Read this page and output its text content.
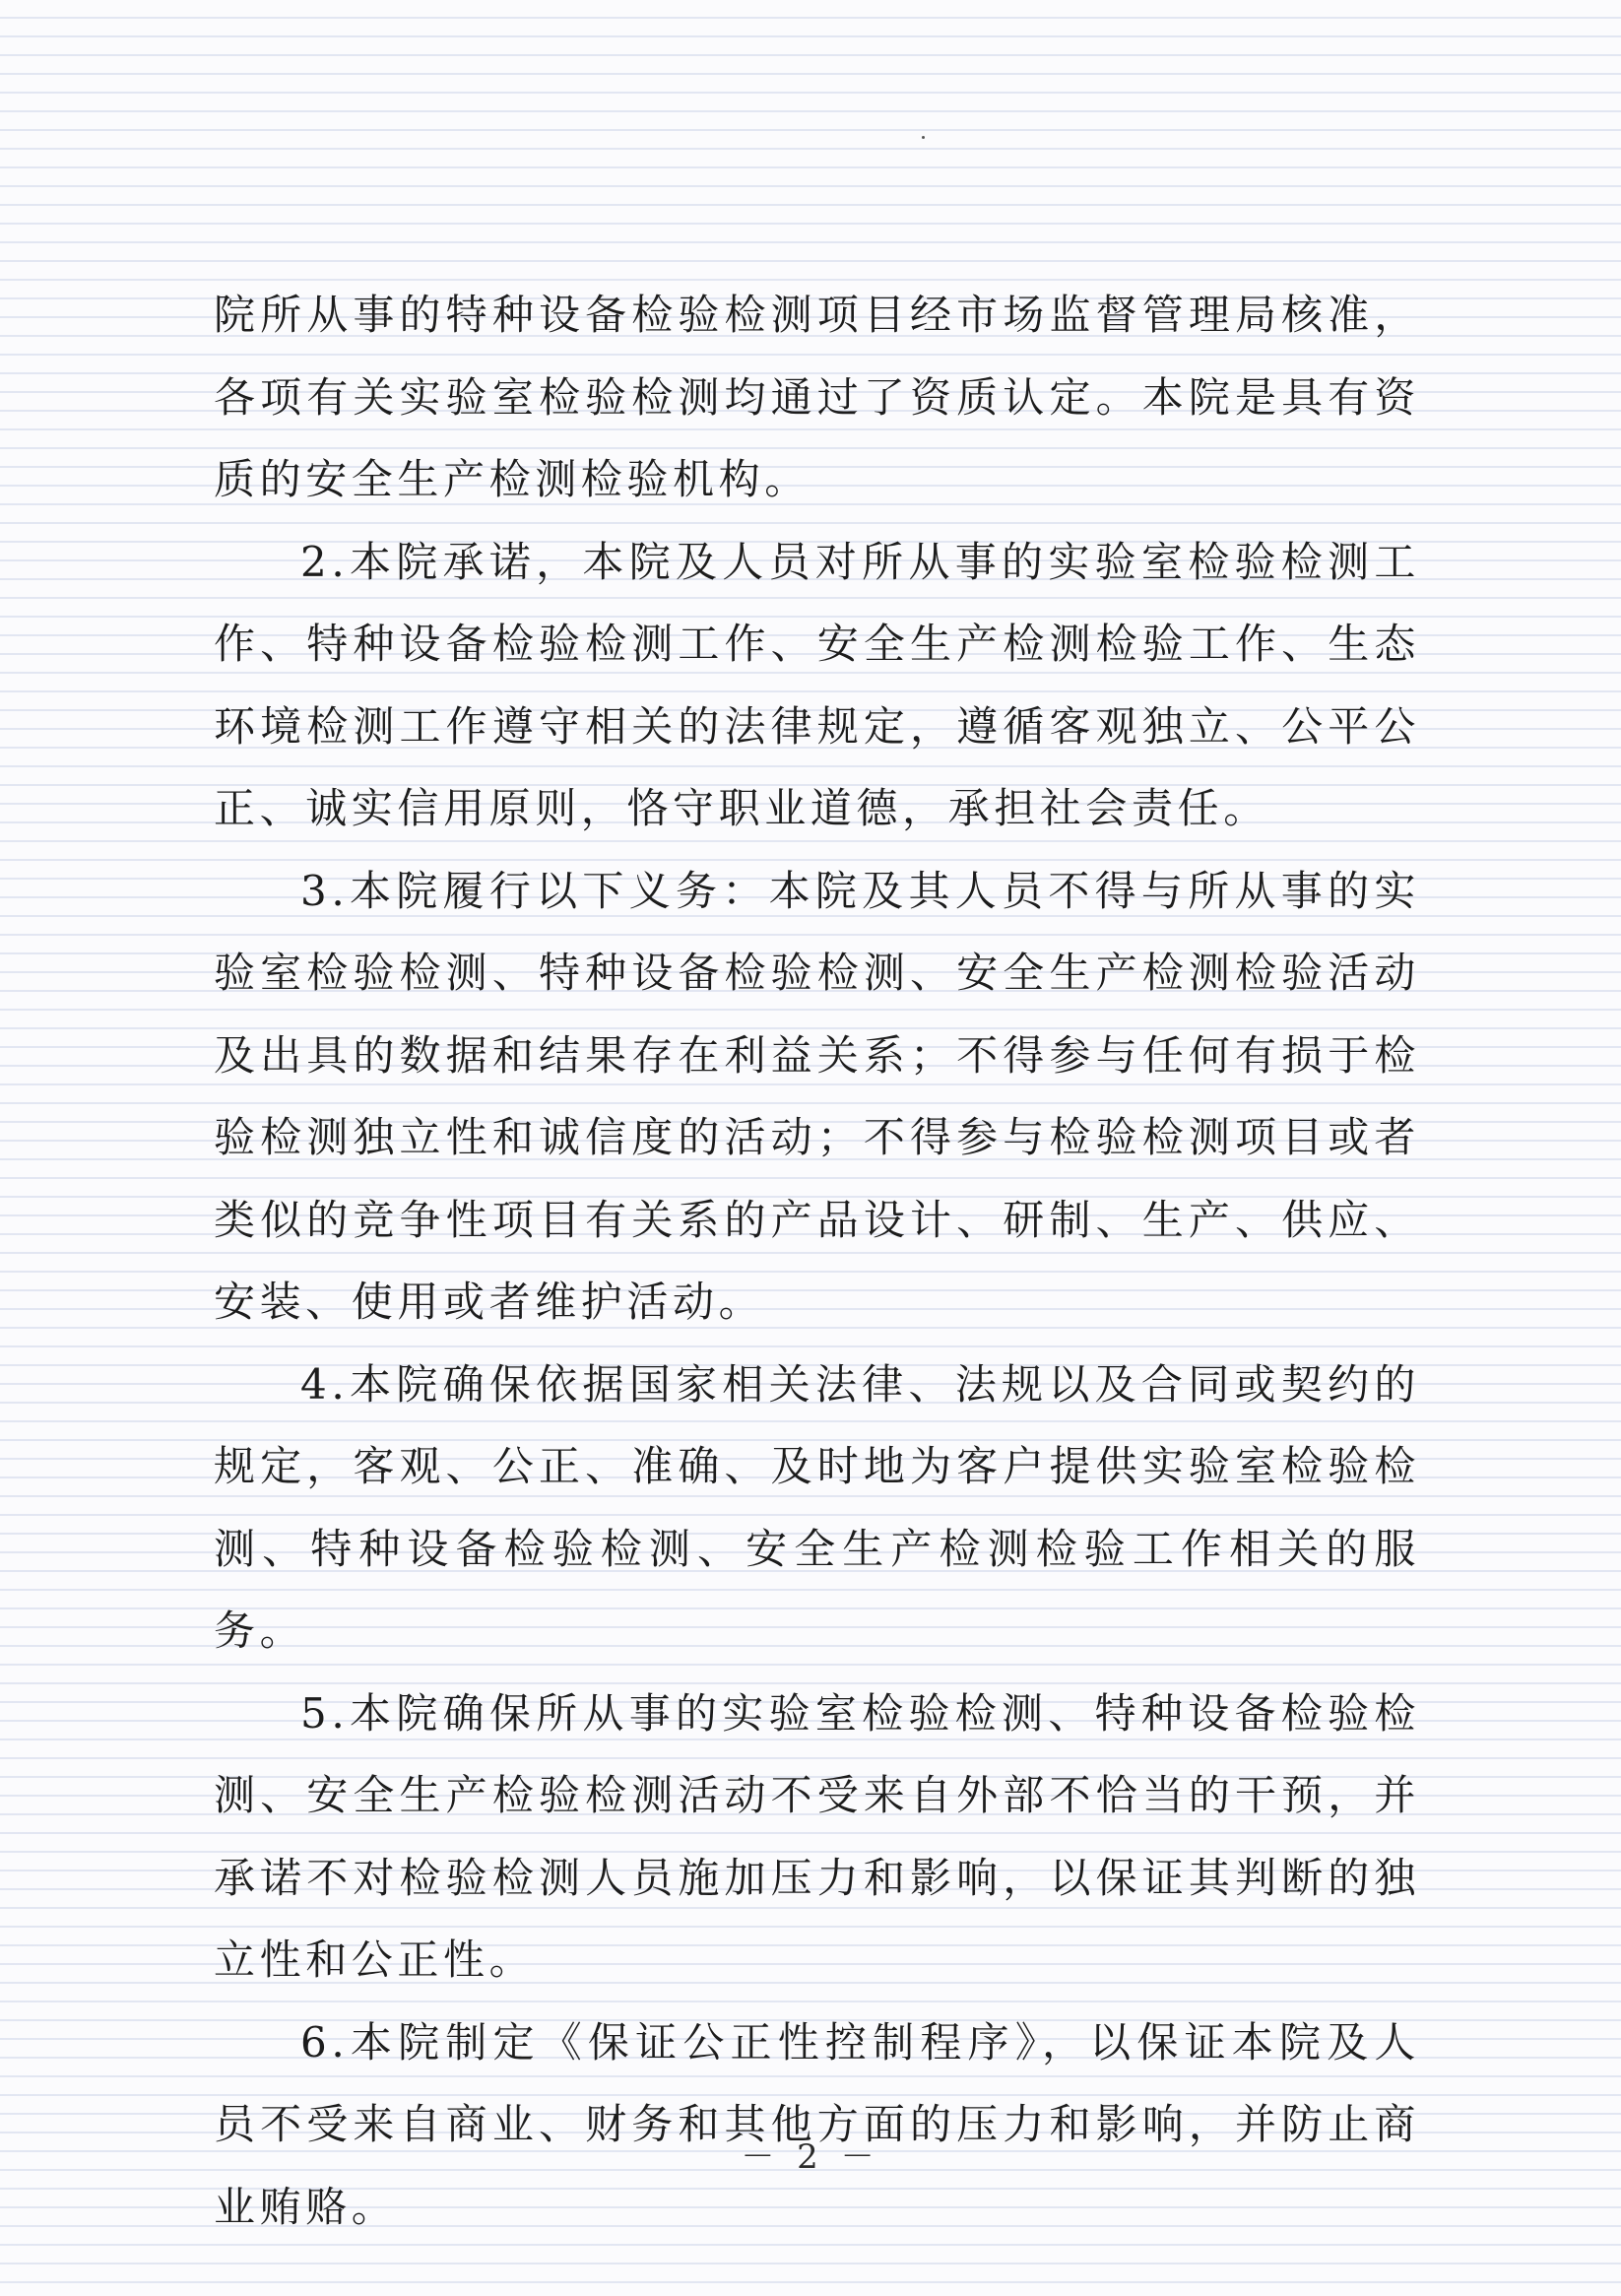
院所从事的特种设备检验检测项目经市场监督管理局核准，各项有关实验室检验检测均通过了资质认定。本院是具有资质的安全生产检测检验机构。

2.本院承诺，本院及人员对所从事的实验室检验检测工作、特种设备检验检测工作、安全生产检测检验工作、生态环境检测工作遵守相关的法律规定，遵循客观独立、公平公正、诚实信用原则，恪守职业道德，承担社会责任。

3.本院履行以下义务：本院及其人员不得与所从事的实验室检验检测、特种设备检验检测、安全生产检测检验活动及出具的数据和结果存在利益关系；不得参与任何有损于检验检测独立性和诚信度的活动；不得参与检验检测项目或者类似的竞争性项目有关系的产品设计、研制、生产、供应、安装、使用或者维护活动。

4.本院确保依据国家相关法律、法规以及合同或契约的规定，客观、公正、准确、及时地为客户提供实验室检验检测、特种设备检验检测、安全生产检测检验工作相关的服务。

5.本院确保所从事的实验室检验检测、特种设备检验检测、安全生产检验检测活动不受来自外部不恰当的干预，并承诺不对检验检测人员施加压力和影响，以保证其判断的独立性和公正性。

6.本院制定《保证公正性控制程序》，以保证本院及人员不受来自商业、财务和其他方面的压力和影响，并防止商业贿赂。

－ 2 －
